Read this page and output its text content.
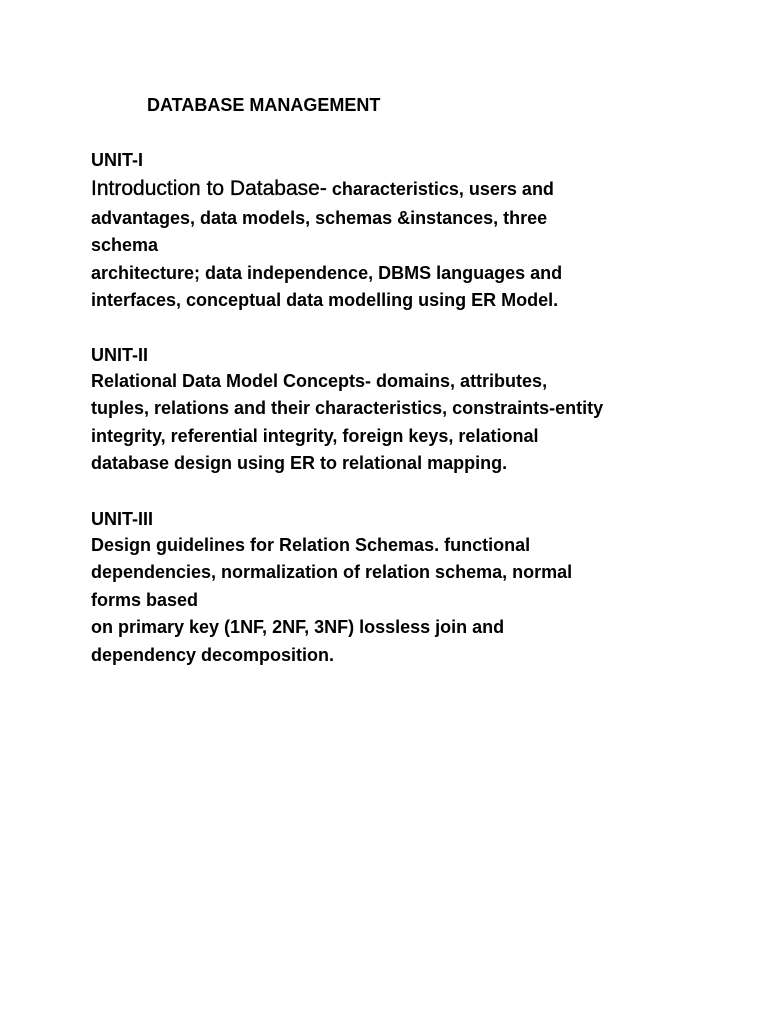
DATABASE MANAGEMENT
UNIT-I
Introduction to Database- characteristics, users and
advantages, data models, schemas &instances, three
schema
architecture; data independence, DBMS languages and
interfaces, conceptual data modelling using ER Model.
UNIT-II
Relational Data Model Concepts- domains, attributes,
tuples, relations and their characteristics, constraints-entity
integrity, referential integrity, foreign keys, relational
database design using ER to relational mapping.
UNIT-III
Design guidelines for Relation Schemas. functional
dependencies, normalization of relation schema, normal
forms based
on primary key (1NF, 2NF, 3NF) lossless join and
dependency decomposition.
